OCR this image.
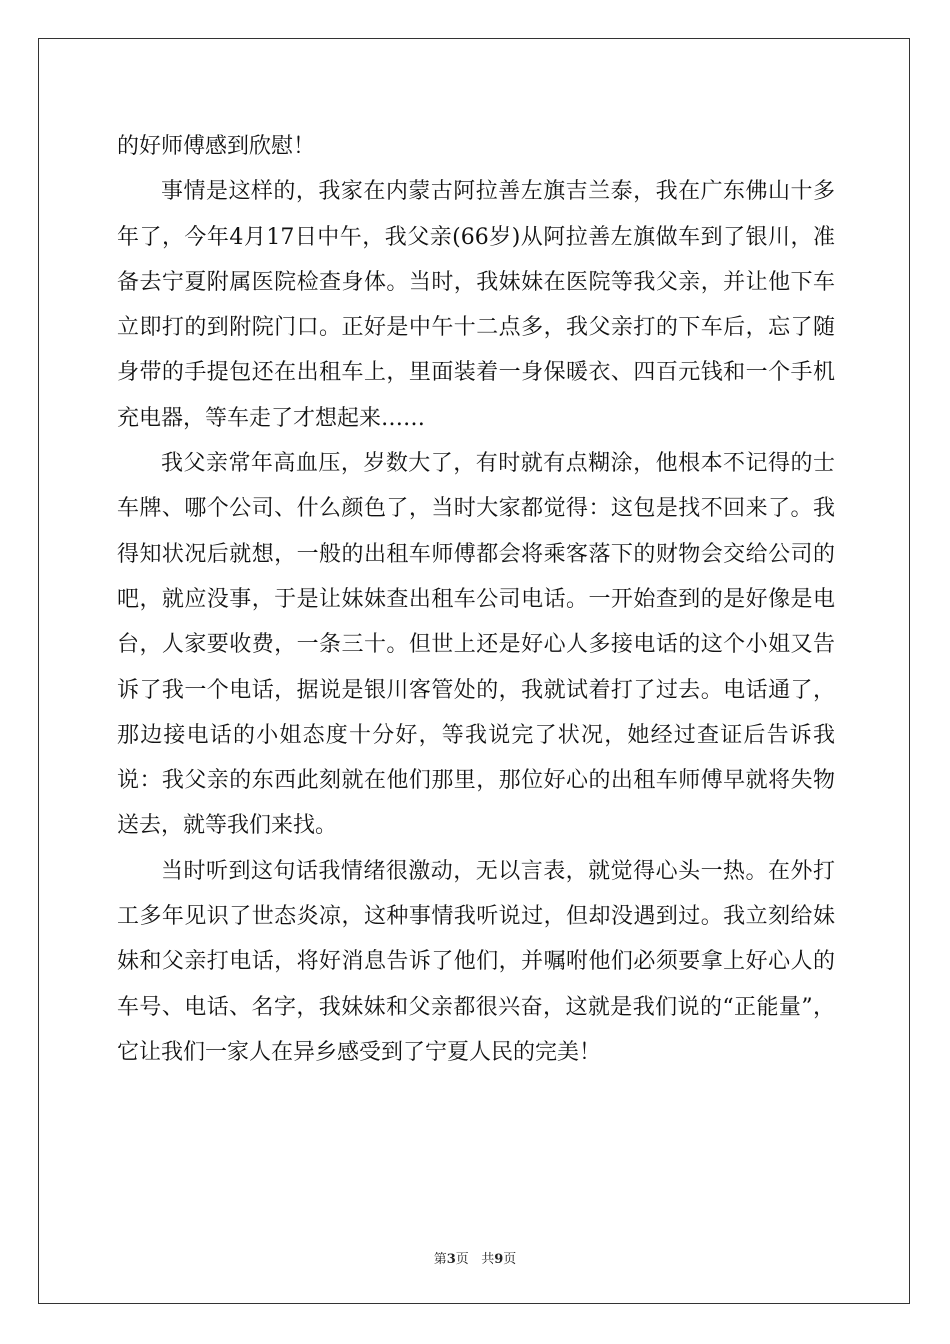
的好师傅感到欣慰！

事情是这样的，我家在内蒙古阿拉善左旗吉兰泰，我在广东佛山十多年了，今年4月17日中午，我父亲(66岁)从阿拉善左旗做车到了银川，准备去宁夏附属医院检查身体。当时，我妹妹在医院等我父亲，并让他下车立即打的到附院门口。正好是中午十二点多，我父亲打的下车后，忘了随身带的手提包还在出租车上，里面装着一身保暖衣、四百元钱和一个手机充电器，等车走了才想起来……

我父亲常年高血压，岁数大了，有时就有点糊涂，他根本不记得的士车牌、哪个公司、什么颜色了，当时大家都觉得：这包是找不回来了。我得知状况后就想，一般的出租车师傅都会将乘客落下的财物会交给公司的吧，就应没事，于是让妹妹查出租车公司电话。一开始查到的是好像是电台，人家要收费，一条三十。但世上还是好心人多接电话的这个小姐又告诉了我一个电话，据说是银川客管处的，我就试着打了过去。电话通了，那边接电话的小姐态度十分好，等我说完了状况，她经过查证后告诉我说：我父亲的东西此刻就在他们那里，那位好心的出租车师傅早就将失物送去，就等我们来找。

当时听到这句话我情绪很激动，无以言表，就觉得心头一热。在外打工多年见识了世态炎凉，这种事情我听说过，但却没遇到过。我立刻给妹妹和父亲打电话，将好消息告诉了他们，并嘱咐他们必须要拿上好心人的车号、电话、名字，我妹妹和父亲都很兴奋，这就是我们说的“正能量”，它让我们一家人在异乡感受到了宁夏人民的完美！

第3页 共9页
